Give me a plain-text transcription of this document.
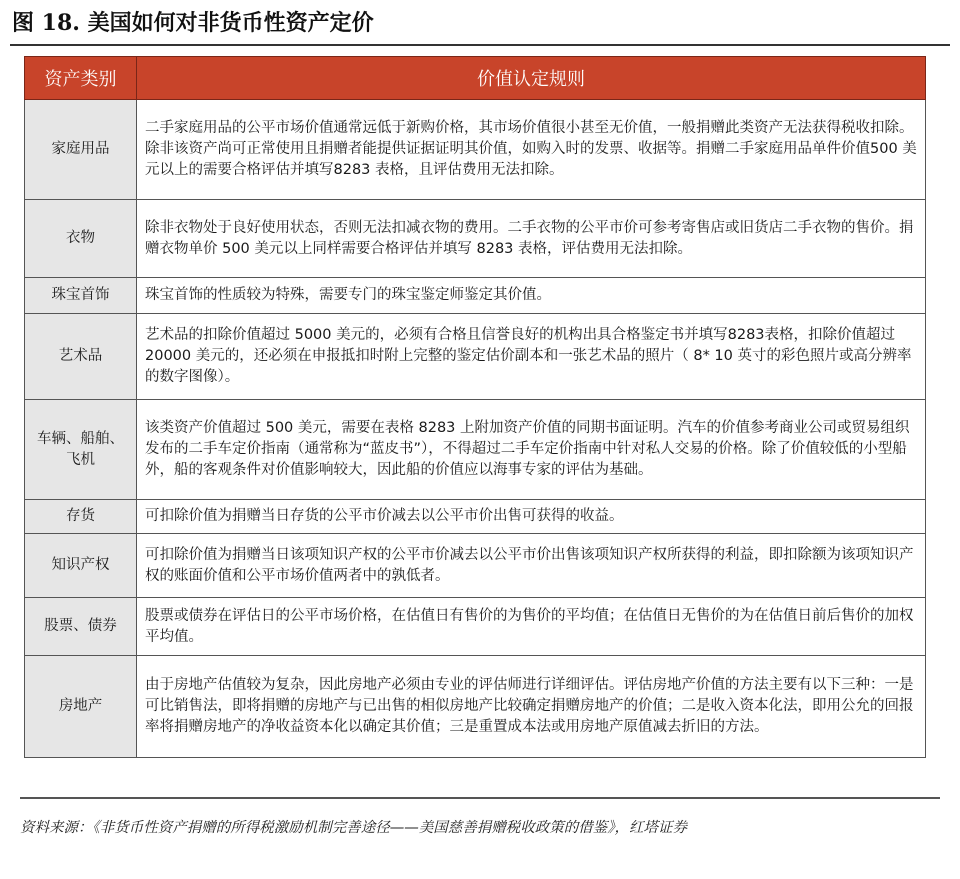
图 18. 美国如何对非货币性资产定价
资产类别	价值认定规则
家庭用品	二手家庭用品的公平市场价值通常远低于新购价格，其市场价值很小甚至无价值，一般捐赠此类资产无法获得税收扣除。除非该资产尚可正常使用且捐赠者能提供证据证明其价值，如购入时的发票、收据等。捐赠二手家庭用品单件价值500 美元以上的需要合格评估并填写8283 表格，且评估费用无法扣除。
衣物	除非衣物处于良好使用状态，否则无法扣减衣物的费用。二手衣物的公平市价可参考寄售店或旧货店二手衣物的售价。捐赠衣物单价 500 美元以上同样需要合格评估并填写 8283 表格，评估费用无法扣除。
珠宝首饰	珠宝首饰的性质较为特殊，需要专门的珠宝鉴定师鉴定其价值。
艺术品	艺术品的扣除价值超过 5000 美元的，必须有合格且信誉良好的机构出具合格鉴定书并填写8283表格，扣除价值超过 20000 美元的，还必须在申报抵扣时附上完整的鉴定估价副本和一张艺术品的照片（ 8* 10 英寸的彩色照片或高分辨率的数字图像）。
车辆、船舶、飞机	该类资产价值超过 500 美元，需要在表格 8283 上附加资产价值的同期书面证明。汽车的价值参考商业公司或贸易组织发布的二手车定价指南（通常称为“蓝皮书”），不得超过二手车定价指南中针对私人交易的价格。除了价值较低的小型船外，船的客观条件对价值影响较大，因此船的价值应以海事专家的评估为基础。
存货	可扣除价值为捐赠当日存货的公平市价减去以公平市价出售可获得的收益。
知识产权	可扣除价值为捐赠当日该项知识产权的公平市价减去以公平市价出售该项知识产权所获得的利益，即扣除额为该项知识产权的账面价值和公平市场价值两者中的孰低者。
股票、债券	股票或债券在评估日的公平市场价格，在估值日有售价的为售价的平均值；在估值日无售价的为在估值日前后售价的加权平均值。
房地产	由于房地产估值较为复杂，因此房地产必须由专业的评估师进行详细评估。评估房地产价值的方法主要有以下三种：一是可比销售法，即将捐赠的房地产与已出售的相似房地产比较确定捐赠房地产的价值；二是收入资本化法，即用公允的回报率将捐赠房地产的净收益资本化以确定其价值；三是重置成本法或用房地产原值减去折旧的方法。
资料来源：《非货币性资产捐赠的所得税激励机制完善途径——美国慈善捐赠税收政策的借鉴》，红塔证券
